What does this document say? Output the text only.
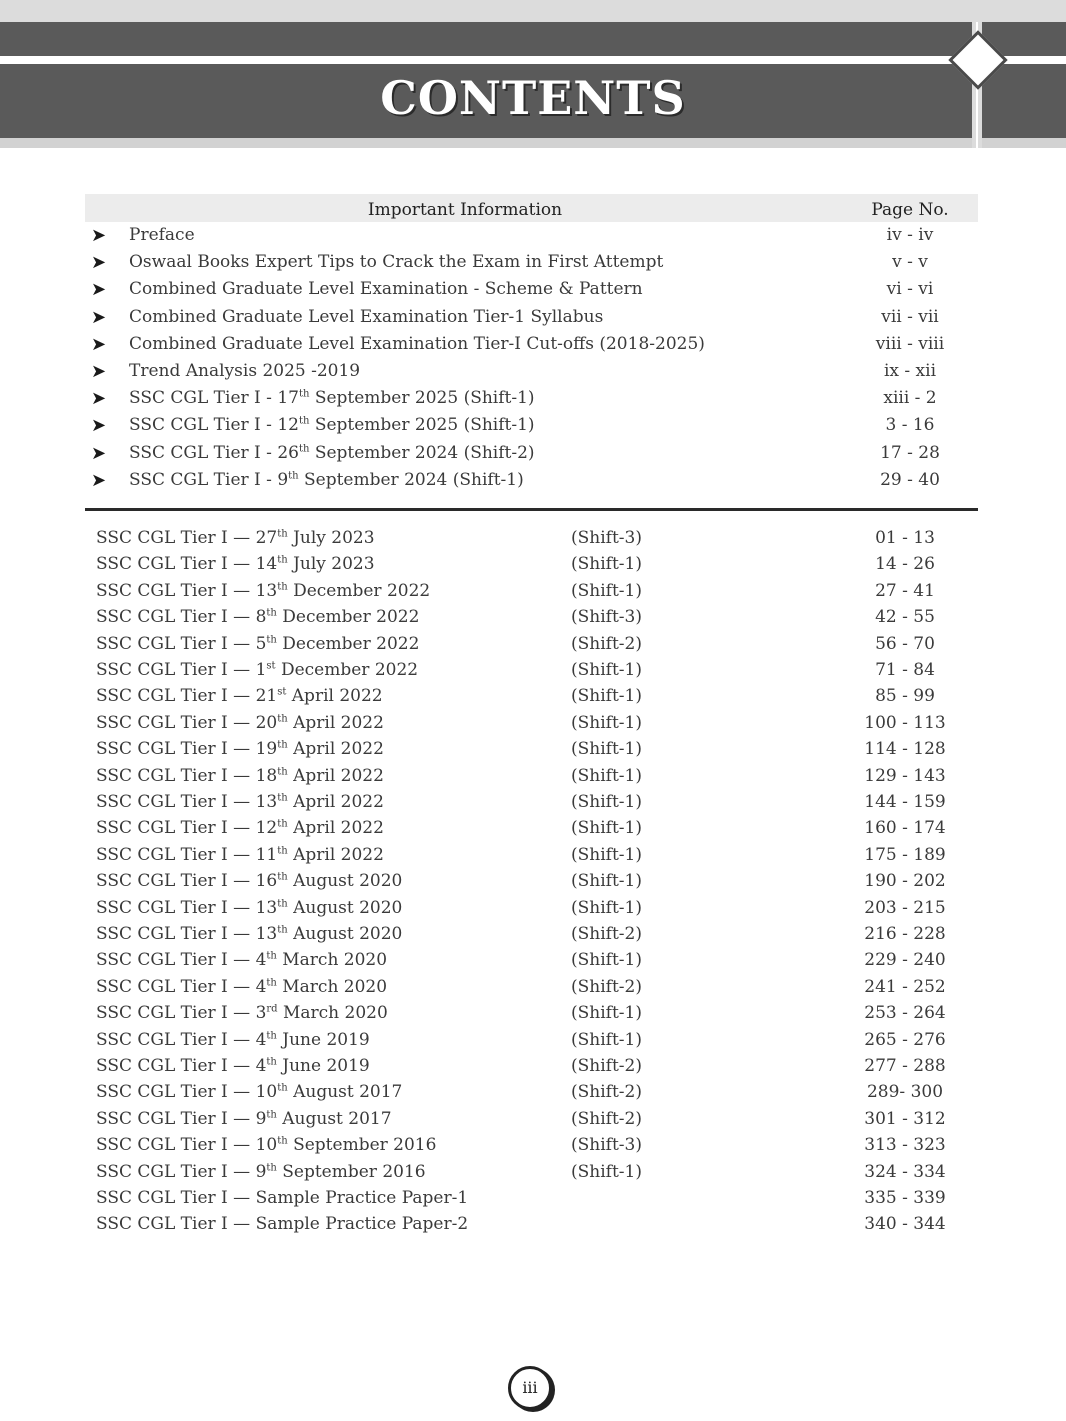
CONTENTS
Important Information	Page No.
➤ Preface	iv - iv
➤ Oswaal Books Expert Tips to Crack the Exam in First Attempt	v - v
➤ Combined Graduate Level Examination - Scheme & Pattern	vi - vi
➤ Combined Graduate Level Examination Tier-1 Syllabus	vii - vii
➤ Combined Graduate Level Examination Tier-I Cut-offs (2018-2025)	viii - viii
➤ Trend Analysis 2025 -2019	ix - xii
➤ SSC CGL Tier I - 17th September 2025 (Shift-1)	xiii - 2
➤ SSC CGL Tier I - 12th September 2025 (Shift-1)	3 - 16
➤ SSC CGL Tier I - 26th September 2024 (Shift-2)	17 - 28
➤ SSC CGL Tier I - 9th September 2024 (Shift-1)	29 - 40
SSC CGL Tier I — 27th July 2023	(Shift-3)	01 - 13
SSC CGL Tier I — 14th July 2023	(Shift-1)	14 - 26
SSC CGL Tier I — 13th December 2022	(Shift-1)	27 - 41
SSC CGL Tier I — 8th December 2022	(Shift-3)	42 - 55
SSC CGL Tier I — 5th December 2022	(Shift-2)	56 - 70
SSC CGL Tier I — 1st December 2022	(Shift-1)	71 - 84
SSC CGL Tier I — 21st April 2022	(Shift-1)	85 - 99
SSC CGL Tier I — 20th April 2022	(Shift-1)	100 - 113
SSC CGL Tier I — 19th April 2022	(Shift-1)	114 - 128
SSC CGL Tier I — 18th April 2022	(Shift-1)	129 - 143
SSC CGL Tier I — 13th April 2022	(Shift-1)	144 - 159
SSC CGL Tier I — 12th April 2022	(Shift-1)	160 - 174
SSC CGL Tier I — 11th April 2022	(Shift-1)	175 - 189
SSC CGL Tier I — 16th August 2020	(Shift-1)	190 - 202
SSC CGL Tier I — 13th August 2020	(Shift-1)	203 - 215
SSC CGL Tier I — 13th August 2020	(Shift-2)	216 - 228
SSC CGL Tier I — 4th March 2020	(Shift-1)	229 - 240
SSC CGL Tier I — 4th March 2020	(Shift-2)	241 - 252
SSC CGL Tier I — 3rd March 2020	(Shift-1)	253 - 264
SSC CGL Tier I — 4th June 2019	(Shift-1)	265 - 276
SSC CGL Tier I — 4th June 2019	(Shift-2)	277 - 288
SSC CGL Tier I — 10th August 2017	(Shift-2)	289- 300
SSC CGL Tier I — 9th August 2017	(Shift-2)	301 - 312
SSC CGL Tier I — 10th September 2016	(Shift-3)	313 - 323
SSC CGL Tier I — 9th September 2016	(Shift-1)	324 - 334
SSC CGL Tier I — Sample Practice Paper-1	335 - 339
SSC CGL Tier I — Sample Practice Paper-2	340 - 344
iii
